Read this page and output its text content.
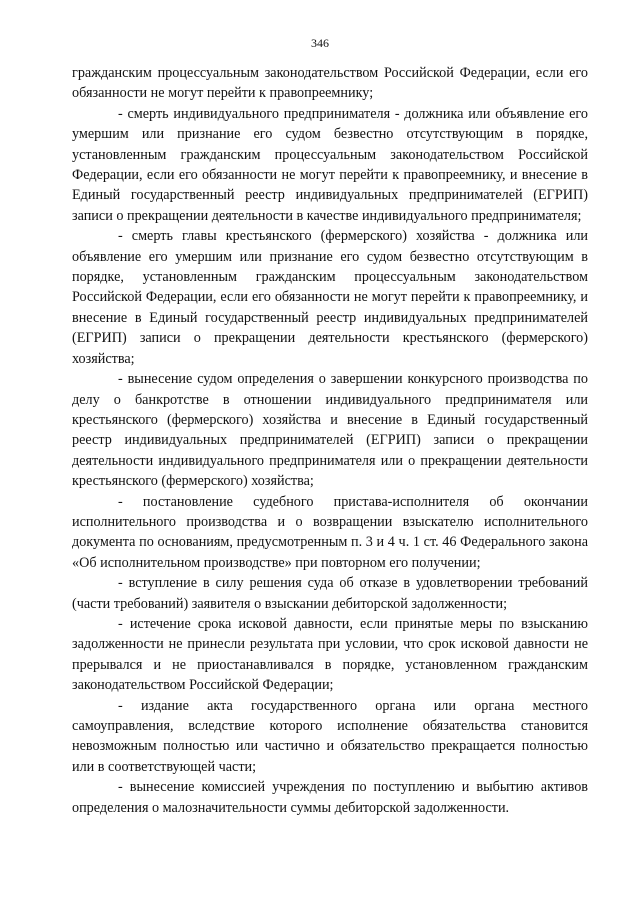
346

гражданским процессуальным законодательством Российской Федерации, если его обязанности не могут перейти к правопреемнику;

- смерть индивидуального предпринимателя - должника или объявление его умершим или признание его судом безвестно отсутствующим в порядке, установленным гражданским процессуальным законодательством Российской Федерации, если его обязанности не могут перейти к правопреемнику, и внесение в Единый государственный реестр индивидуальных предпринимателей (ЕГРИП) записи о прекращении деятельности в качестве индивидуального предпринимателя;

- смерть главы крестьянского (фермерского) хозяйства - должника или объявление его умершим или признание его судом безвестно отсутствующим в порядке, установленным гражданским процессуальным законодательством Российской Федерации, если его обязанности не могут перейти к правопреемнику, и внесение в Единый государственный реестр индивидуальных предпринимателей (ЕГРИП) записи о прекращении деятельности крестьянского (фермерского) хозяйства;

- вынесение судом определения о завершении конкурсного производства по делу о банкротстве в отношении индивидуального предпринимателя или крестьянского (фермерского) хозяйства и внесение в Единый государственный реестр индивидуальных предпринимателей (ЕГРИП) записи о прекращении деятельности индивидуального предпринимателя или о прекращении деятельности крестьянского (фермерского) хозяйства;

- постановление судебного пристава-исполнителя об окончании исполнительного производства и о возвращении взыскателю исполнительного документа по основаниям, предусмотренным п. 3 и 4 ч. 1 ст. 46 Федерального закона «Об исполнительном производстве» при повторном его получении;

- вступление в силу решения суда об отказе в удовлетворении требований (части требований) заявителя о взыскании дебиторской задолженности;

- истечение срока исковой давности, если принятые меры по взысканию задолженности не принесли результата при условии, что срок исковой давности не прерывался и не приостанавливался в порядке, установленном гражданским законодательством Российской Федерации;

- издание акта государственного органа или органа местного самоуправления, вследствие которого исполнение обязательства становится невозможным полностью или частично и обязательство прекращается полностью или в соответствующей части;

- вынесение комиссией учреждения по поступлению и выбытию активов определения о малозначительности суммы дебиторской задолженности.
